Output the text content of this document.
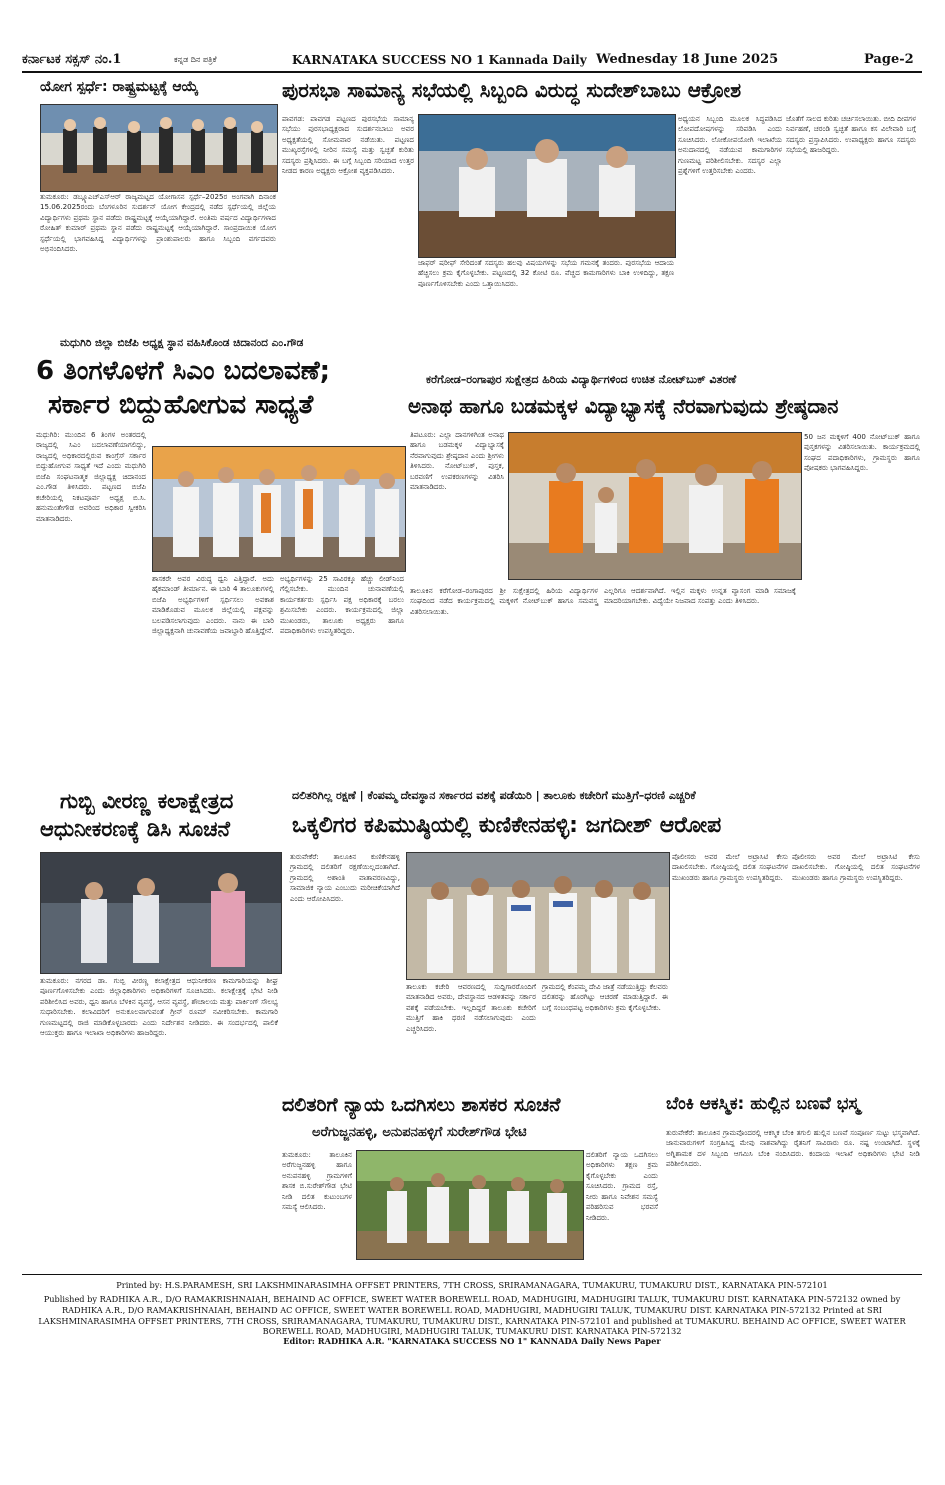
ಕರ್ನಾಟಕ ಸಕ್ಸಸ್ ನಂ.1	ಕನ್ನಡ ದಿನ ಪತ್ರಿಕೆ	KARNATAKA SUCCESS NO 1 Kannada Daily Wednesday 18 June 2025	Page-2
ಯೋಗ ಸ್ಪರ್ಧೆ: ರಾಷ್ಟ್ರಮಟ್ಟಕ್ಕೆ ಆಯ್ಕೆ
ತುಮಕೂರು: ಡಬ್ಲ್ಯೂಎಚ್‌ಎಸ್‌ಆರ್ ರಾಜ್ಯಮಟ್ಟದ ಯೋಗಾಸನ ಸ್ಪರ್ಧೆ–2025ರ ಅಂಗವಾಗಿ ದಿನಾಂಕ 15.06.2025ರಂದು ಬೆಂಗಳೂರಿನ ಸುದರ್ಶನ್ ಯೋಗ ಕೇಂದ್ರದಲ್ಲಿ ನಡೆದ ಸ್ಪರ್ಧೆಯಲ್ಲಿ ಜಿಲ್ಲೆಯ ವಿದ್ಯಾರ್ಥಿಗಳು ಪ್ರಥಮ ಸ್ಥಾನ ಪಡೆದು ರಾಷ್ಟ್ರಮಟ್ಟಕ್ಕೆ ಆಯ್ಕೆಯಾಗಿದ್ದಾರೆ. ಅಂತಿಮ ವರ್ಷದ ವಿದ್ಯಾರ್ಥಿಗಳಾದ ರೋಹಿತ್ ಕುಮಾರ್ ಪ್ರಥಮ ಸ್ಥಾನ ಪಡೆದು ರಾಷ್ಟ್ರಮಟ್ಟಕ್ಕೆ ಆಯ್ಕೆಯಾಗಿದ್ದಾರೆ. ಸಾಂಪ್ರದಾಯಿಕ ಯೋಗ ಸ್ಪರ್ಧೆಯಲ್ಲಿ ಭಾಗವಹಿಸಿದ್ದ ವಿದ್ಯಾರ್ಥಿಗಳನ್ನು ಪ್ರಾಂಶುಪಾಲರು ಹಾಗೂ ಸಿಬ್ಬಂದಿ ವರ್ಗದವರು ಅಭಿನಂದಿಸಿದರು.
ಮಧುಗಿರಿ ಜಿಲ್ಲಾ ಬಿಜೆಪಿ ಅಧ್ಯಕ್ಷ ಸ್ಥಾನ ವಹಿಸಿಕೊಂಡ ಚಿದಾನಂದ ಎಂ.ಗೌಡ
6 ತಿಂಗಳೊಳಗೆ ಸಿಎಂ ಬದಲಾವಣೆ;
ಸರ್ಕಾರ ಬಿದ್ದುಹೋಗುವ ಸಾಧ್ಯತೆ
ಮಧುಗಿರಿ: ಮುಂದಿನ 6 ತಿಂಗಳ ಅಂತರದಲ್ಲಿ ರಾಜ್ಯದಲ್ಲಿ ಸಿಎಂ ಬದಲಾವಣೆಯಾಗಲಿದ್ದು, ರಾಜ್ಯದಲ್ಲಿ ಅಧಿಕಾರದಲ್ಲಿರುವ ಕಾಂಗ್ರೆಸ್ ಸರ್ಕಾರ ಬಿದ್ದುಹೋಗುವ ಸಾಧ್ಯತೆ ಇದೆ ಎಂದು ಮಧುಗಿರಿ ಬಿಜೆಪಿ ಸಂಘಟನಾತ್ಮಕ ಜಿಲ್ಲಾಧ್ಯಕ್ಷ ಚಿದಾನಂದ ಎಂ.ಗೌಡ ತಿಳಿಸಿದರು. ಪಟ್ಟಣದ ಬಿಜೆಪಿ ಕಚೇರಿಯಲ್ಲಿ ನಿಕಟಪೂರ್ವ ಅಧ್ಯಕ್ಷ ಬಿ.ಸಿ. ಹನುಮಂತೇಗೌಡ ಅವರಿಂದ ಅಧಿಕಾರ ಸ್ವೀಕರಿಸಿ ಮಾತನಾಡಿದರು.
ಶಾಸಕರೇ ಅವರ ವಿರುದ್ಧ ಧ್ವನಿ ಎತ್ತಿದ್ದಾರೆ. ಅದು ಹೈಕಮಾಂಡ್ ತೀರ್ಮಾನ. ಈ ಬಾರಿ 4 ತಾಲೂಕುಗಳಲ್ಲಿ ಬಿಜೆಪಿ ಅಭ್ಯರ್ಥಿಗಳಿಗೆ ಸ್ಪರ್ಧಿಸಲು ಅವಕಾಶ ಮಾಡಿಕೊಡುವ ಮೂಲಕ ಜಿಲ್ಲೆಯಲ್ಲಿ ಪಕ್ಷವನ್ನು ಬಲಪಡಿಸಲಾಗುವುದು ಎಂದರು. ನಾನು ಈ ಬಾರಿ ಜಿಲ್ಲಾಧ್ಯಕ್ಷನಾಗಿ ಚುನಾವಣೆಯ ಜವಾಬ್ದಾರಿ ಹೊತ್ತಿದ್ದೇನೆ.
ಅಭ್ಯರ್ಥಿಗಳನ್ನು 25 ಸಾವಿರಕ್ಕೂ ಹೆಚ್ಚು ಲೀಡ್‌ನಿಂದ ಗೆಲ್ಲಿಸಬೇಕು. ಮುಂದಿನ ಚುನಾವಣೆಯಲ್ಲಿ ಕಾರ್ಯಕರ್ತರು ಸ್ಪರ್ಧಿಸಿ ಪಕ್ಷ ಅಧಿಕಾರಕ್ಕೆ ಬರಲು ಶ್ರಮಿಸಬೇಕು ಎಂದರು. ಕಾರ್ಯಕ್ರಮದಲ್ಲಿ ಜಿಲ್ಲಾ ಮುಖಂಡರು, ತಾಲೂಕು ಅಧ್ಯಕ್ಷರು ಹಾಗೂ ಪದಾಧಿಕಾರಿಗಳು ಉಪಸ್ಥಿತರಿದ್ದರು.
ಪುರಸಭಾ ಸಾಮಾನ್ಯ ಸಭೆಯಲ್ಲಿ ಸಿಬ್ಬಂದಿ ವಿರುದ್ಧ ಸುದೇಶ್‌ಬಾಬು ಆಕ್ರೋಶ
ಪಾವಗಡ: ಪಾವಗಡ ಪಟ್ಟಣದ ಪುರಸಭೆಯ ಸಾಮಾನ್ಯ ಸಭೆಯು ಪುರಸಭಾಧ್ಯಕ್ಷರಾದ ಸುದರ್ಶನಬಾಬು ಅವರ ಅಧ್ಯಕ್ಷತೆಯಲ್ಲಿ ಸೋಮವಾರ ನಡೆಯಿತು. ಪಟ್ಟಣದ ಮುಖ್ಯರಸ್ತೆಗಳಲ್ಲಿ ನೀರಿನ ಸಮಸ್ಯೆ ಮತ್ತು ಸ್ವಚ್ಛತೆ ಕುರಿತು ಸದಸ್ಯರು ಪ್ರಶ್ನಿಸಿದರು. ಈ ಬಗ್ಗೆ ಸಿಬ್ಬಂದಿ ಸರಿಯಾದ ಉತ್ತರ ನೀಡದ ಕಾರಣ ಅಧ್ಯಕ್ಷರು ಆಕ್ರೋಶ ವ್ಯಕ್ತಪಡಿಸಿದರು.
ಜಾಫರ್ ಷರೀಫ್ ಸೇರಿದಂತೆ ಸದಸ್ಯರು ಹಲವು ವಿಷಯಗಳನ್ನು ಸಭೆಯ ಗಮನಕ್ಕೆ ತಂದರು. ಪುರಸಭೆಯ ಆದಾಯ ಹೆಚ್ಚಿಸಲು ಕ್ರಮ ಕೈಗೊಳ್ಳಬೇಕು. ಪಟ್ಟಣದಲ್ಲಿ 32 ಕೋಟಿ ರೂ. ವೆಚ್ಚದ ಕಾಮಗಾರಿಗಳು ಬಾಕಿ ಉಳಿದಿದ್ದು, ತಕ್ಷಣ ಪೂರ್ಣಗೊಳಿಸಬೇಕು ಎಂದು ಒತ್ತಾಯಿಸಿದರು.
ಅಧ್ಯಯನ ಸಿಬ್ಬಂದಿ ಮೂಲಕ ಸಿದ್ಧಪಡಿಸಿದ ಲೋಪದೋಷಗಳನ್ನು ಸರಿಪಡಿಸಿ ಎಂದು ಸೂಚಿಸಿದರು. ಲೋಕೋಪಯೋಗಿ ಇಲಾಖೆಯ ಅನುದಾನದಲ್ಲಿ ನಡೆಯುವ ಕಾಮಗಾರಿಗಳ ಗುಣಮಟ್ಟ ಪರಿಶೀಲಿಸಬೇಕು. ಸದಸ್ಯರ ಎಲ್ಲಾ ಪ್ರಶ್ನೆಗಳಿಗೆ ಉತ್ತರಿಸಬೇಕು ಎಂದರು.
ಜೊತೆಗೆ ಸಾಲದ ಕುರಿತು ಚರ್ಚಿಸಲಾಯಿತು. ಬೀದಿ ದೀಪಗಳ ನಿರ್ವಹಣೆ, ಚರಂಡಿ ಸ್ವಚ್ಛತೆ ಹಾಗೂ ಕಸ ವಿಲೇವಾರಿ ಬಗ್ಗೆ ಸದಸ್ಯರು ಪ್ರಸ್ತಾಪಿಸಿದರು. ಉಪಾಧ್ಯಕ್ಷರು ಹಾಗೂ ಸದಸ್ಯರು ಸಭೆಯಲ್ಲಿ ಹಾಜರಿದ್ದರು.
ಕರೆಗೋಡ–ರಂಗಾಪುರ ಸುಕ್ಷೇತ್ರದ ಹಿರಿಯ ವಿದ್ಯಾರ್ಥಿಗಳಿಂದ ಉಚಿತ ನೋಟ್‌ಬುಕ್ ವಿತರಣೆ
ಅನಾಥ ಹಾಗೂ ಬಡಮಕ್ಕಳ ವಿದ್ಯಾಭ್ಯಾಸಕ್ಕೆ ನೆರವಾಗುವುದು ಶ್ರೇಷ್ಠದಾನ
ತಿಪಟೂರು: ಎಲ್ಲಾ ದಾನಗಳಿಗಿಂತ ಅನಾಥ ಹಾಗೂ ಬಡಮಕ್ಕಳ ವಿದ್ಯಾಭ್ಯಾಸಕ್ಕೆ ನೆರವಾಗುವುದು ಶ್ರೇಷ್ಠದಾನ ಎಂದು ಶ್ರೀಗಳು ತಿಳಿಸಿದರು. ನೋಟ್‌ಬುಕ್, ಪುಸ್ತಕ, ಬರವಣಿಗೆ ಉಪಕರಣಗಳನ್ನು ವಿತರಿಸಿ ಮಾತನಾಡಿದರು.
ತಾಲೂಕಿನ ಕರೆಗೋಡ–ರಂಗಾಪುರದ ಶ್ರೀ ಸುಕ್ಷೇತ್ರದಲ್ಲಿ ಹಿರಿಯ ವಿದ್ಯಾರ್ಥಿಗಳ ಸಂಘದಿಂದ ನಡೆದ ಕಾರ್ಯಕ್ರಮದಲ್ಲಿ ಮಕ್ಕಳಿಗೆ ನೋಟ್‌ಬುಕ್ ಹಾಗೂ ಸಮವಸ್ತ್ರ ವಿತರಿಸಲಾಯಿತು.
ಎಲ್ಲರಿಗೂ ಆದರ್ಶವಾಗಿದೆ. ಇಲ್ಲಿನ ಮಕ್ಕಳು ಉನ್ನತ ವ್ಯಾಸಂಗ ಮಾಡಿ ಸಮಾಜಕ್ಕೆ ಮಾದರಿಯಾಗಬೇಕು. ವಿದ್ಯೆಯೇ ನಿಜವಾದ ಸಂಪತ್ತು ಎಂದು ತಿಳಿಸಿದರು.
50 ಜನ ಮಕ್ಕಳಿಗೆ 400 ನೋಟ್‌ಬುಕ್ ಹಾಗೂ ಪುಸ್ತಕಗಳನ್ನು ವಿತರಿಸಲಾಯಿತು. ಕಾರ್ಯಕ್ರಮದಲ್ಲಿ ಸಂಘದ ಪದಾಧಿಕಾರಿಗಳು, ಗ್ರಾಮಸ್ಥರು ಹಾಗೂ ಪೋಷಕರು ಭಾಗವಹಿಸಿದ್ದರು.
ಗುಬ್ಬಿ ವೀರಣ್ಣ ಕಲಾಕ್ಷೇತ್ರದ
ಆಧುನೀಕರಣಕ್ಕೆ ಡಿಸಿ ಸೂಚನೆ
ತುಮಕೂರು: ನಗರದ ಡಾ. ಗುಬ್ಬಿ ವೀರಣ್ಣ ಕಲಾಕ್ಷೇತ್ರದ ಆಧುನೀಕರಣ ಕಾಮಗಾರಿಯನ್ನು ಶೀಘ್ರ ಪೂರ್ಣಗೊಳಿಸಬೇಕು ಎಂದು ಜಿಲ್ಲಾಧಿಕಾರಿಗಳು ಅಧಿಕಾರಿಗಳಿಗೆ ಸೂಚಿಸಿದರು. ಕಲಾಕ್ಷೇತ್ರಕ್ಕೆ ಭೇಟಿ ನೀಡಿ ಪರಿಶೀಲಿಸಿದ ಅವರು, ಧ್ವನಿ ಹಾಗೂ ಬೆಳಕಿನ ವ್ಯವಸ್ಥೆ, ಆಸನ ವ್ಯವಸ್ಥೆ, ಶೌಚಾಲಯ ಮತ್ತು ಪಾರ್ಕಿಂಗ್ ಸೌಲಭ್ಯ ಸುಧಾರಿಸಬೇಕು. ಕಲಾವಿದರಿಗೆ ಅನುಕೂಲವಾಗುವಂತೆ ಗ್ರೀನ್ ರೂಮ್ ನವೀಕರಿಸಬೇಕು. ಕಾಮಗಾರಿ ಗುಣಮಟ್ಟದಲ್ಲಿ ರಾಜಿ ಮಾಡಿಕೊಳ್ಳಬಾರದು ಎಂದು ನಿರ್ದೇಶನ ನೀಡಿದರು. ಈ ಸಂದರ್ಭದಲ್ಲಿ ಪಾಲಿಕೆ ಆಯುಕ್ತರು ಹಾಗೂ ಇಲಾಖಾ ಅಧಿಕಾರಿಗಳು ಹಾಜರಿದ್ದರು.
ದಲಿತರಿಗಿಲ್ಲ ರಕ್ಷಣೆ | ಕೆಂಪಮ್ಮ ದೇವಸ್ಥಾನ ಸರ್ಕಾರದ ವಶಕ್ಕೆ ಪಡೆಯಿರಿ | ತಾಲೂಕು ಕಚೇರಿಗೆ ಮುತ್ತಿಗೆ–ಧರಣಿ ಎಚ್ಚರಿಕೆ
ಒಕ್ಕಲಿಗರ ಕಪಿಮುಷ್ಠಿಯಲ್ಲಿ ಕುಣಿಕೇನಹಳ್ಳಿ: ಜಗದೀಶ್ ಆರೋಪ
ತುರುವೇಕೆರೆ: ತಾಲೂಕಿನ ಕುಣಿಕೇನಹಳ್ಳಿ ಗ್ರಾಮದಲ್ಲಿ ದಲಿತರಿಗೆ ರಕ್ಷಣೆಯಿಲ್ಲದಂತಾಗಿದೆ. ಗ್ರಾಮದಲ್ಲಿ ಅಶಾಂತಿ ವಾತಾವರಣವಿದ್ದು, ಸಾಮಾಜಿಕ ನ್ಯಾಯ ಎಂಬುದು ಮರೀಚಿಕೆಯಾಗಿದೆ ಎಂದು ಆರೋಪಿಸಿದರು.
ತಾಲೂಕು ಕಚೇರಿ ಆವರಣದಲ್ಲಿ ಸುದ್ದಿಗಾರರೊಂದಿಗೆ ಮಾತನಾಡಿದ ಅವರು, ದೇವಸ್ಥಾನದ ಆಡಳಿತವನ್ನು ಸರ್ಕಾರ ವಶಕ್ಕೆ ಪಡೆಯಬೇಕು. ಇಲ್ಲದಿದ್ದರೆ ತಾಲೂಕು ಕಚೇರಿಗೆ ಮುತ್ತಿಗೆ ಹಾಕಿ ಧರಣಿ ನಡೆಸಲಾಗುವುದು ಎಂದು ಎಚ್ಚರಿಸಿದರು.
ಗ್ರಾಮದಲ್ಲಿ ಕೆಂಪಮ್ಮ ದೇವಿ ಜಾತ್ರೆ ನಡೆಯುತ್ತಿದ್ದು ಕೆಲವರು ದಲಿತರನ್ನು ಹೊರಗಿಟ್ಟು ಆಚರಣೆ ಮಾಡುತ್ತಿದ್ದಾರೆ. ಈ ಬಗ್ಗೆ ಸಂಬಂಧಪಟ್ಟ ಅಧಿಕಾರಿಗಳು ಕ್ರಮ ಕೈಗೊಳ್ಳಬೇಕು.
ಪೊಲೀಸರು ಅವರ ಮೇಲೆ ಅಟ್ರಾಸಿಟಿ ಕೇಸು ದಾಖಲಿಸಬೇಕು. ಗೋಷ್ಠಿಯಲ್ಲಿ ದಲಿತ ಸಂಘಟನೆಗಳ ಮುಖಂಡರು ಹಾಗೂ ಗ್ರಾಮಸ್ಥರು ಉಪಸ್ಥಿತರಿದ್ದರು.
ಪೊಲೀಸರು ಅವರ ಮೇಲೆ ಅಟ್ರಾಸಿಟಿ ಕೇಸು ದಾಖಲಿಸಬೇಕು. ಗೋಷ್ಠಿಯಲ್ಲಿ ದಲಿತ ಸಂಘಟನೆಗಳ ಮುಖಂಡರು ಹಾಗೂ ಗ್ರಾಮಸ್ಥರು ಉಪಸ್ಥಿತರಿದ್ದರು.
ದಲಿತರಿಗೆ ನ್ಯಾಯ ಒದಗಿಸಲು ಶಾಸಕರ ಸೂಚನೆ
ಅರೆಗುಜ್ಜನಹಳ್ಳಿ, ಅನುಪನಹಳ್ಳಿಗೆ ಸುರೇಶ್‌ಗೌಡ ಭೇಟಿ
ತುಮಕೂರು: ತಾಲೂಕಿನ ಅರೆಗುಜ್ಜನಹಳ್ಳಿ ಹಾಗೂ ಅನುಪನಹಳ್ಳಿ ಗ್ರಾಮಗಳಿಗೆ ಶಾಸಕ ಬಿ.ಸುರೇಶ್‌ಗೌಡ ಭೇಟಿ ನೀಡಿ ದಲಿತ ಕುಟುಂಬಗಳ ಸಮಸ್ಯೆ ಆಲಿಸಿದರು.
ದಲಿತರಿಗೆ ನ್ಯಾಯ ಒದಗಿಸಲು ಅಧಿಕಾರಿಗಳು ತಕ್ಷಣ ಕ್ರಮ ಕೈಗೊಳ್ಳಬೇಕು ಎಂದು ಸೂಚಿಸಿದರು. ಗ್ರಾಮದ ರಸ್ತೆ, ನೀರು ಹಾಗೂ ನಿವೇಶನ ಸಮಸ್ಯೆ ಪರಿಹರಿಸುವ ಭರವಸೆ ನೀಡಿದರು.
ಬೆಂಕಿ ಆಕಸ್ಮಿಕ: ಹುಲ್ಲಿನ ಬಣವೆ ಭಸ್ಮ
ತುರುವೇಕೆರೆ: ತಾಲೂಕಿನ ಗ್ರಾಮವೊಂದರಲ್ಲಿ ಆಕಸ್ಮಿಕ ಬೆಂಕಿ ತಗುಲಿ ಹುಲ್ಲಿನ ಬಣವೆ ಸಂಪೂರ್ಣ ಸುಟ್ಟು ಭಸ್ಮವಾಗಿದೆ. ಜಾನುವಾರುಗಳಿಗೆ ಸಂಗ್ರಹಿಸಿದ್ದ ಮೇವು ನಾಶವಾಗಿದ್ದು ರೈತನಿಗೆ ಸಾವಿರಾರು ರೂ. ನಷ್ಟ ಉಂಟಾಗಿದೆ. ಸ್ಥಳಕ್ಕೆ ಅಗ್ನಿಶಾಮಕ ದಳ ಸಿಬ್ಬಂದಿ ಆಗಮಿಸಿ ಬೆಂಕಿ ನಂದಿಸಿದರು. ಕಂದಾಯ ಇಲಾಖೆ ಅಧಿಕಾರಿಗಳು ಭೇಟಿ ನೀಡಿ ಪರಿಶೀಲಿಸಿದರು.
Printed by: H.S.PARAMESH, SRI LAKSHMINARASIMHA OFFSET PRINTERS, 7TH CROSS, SRIRAMANAGARA, TUMAKURU, TUMAKURU DIST., KARNATAKA PIN-572101
Published by RADHIKA A.R., D/O RAMAKRISHNAIAH, BEHAIND AC OFFICE, SWEET WATER BOREWELL ROAD, MADHUGIRI, MADHUGIRI TALUK, TUMAKURU DIST. KARNATAKA PIN-572132 owned by RADHIKA A.R., D/O RAMAKRISHNAIAH, BEHAIND AC OFFICE, SWEET WATER BOREWELL ROAD, MADHUGIRI, MADHUGIRI TALUK, TUMAKURU DIST. KARNATAKA PIN-572132 Printed at SRI LAKSHMINARASIMHA OFFSET PRINTERS, 7TH CROSS, SRIRAMANAGARA, TUMAKURU, TUMAKURU DIST., KARNATAKA PIN-572101 and published at TUMAKURU. BEHAIND AC OFFICE, SWEET WATER BOREWELL ROAD, MADHUGIRI, MADHUGIRI TALUK, TUMAKURU DIST. KARNATAKA PIN-572132
Editor: RADHIKA A.R. "KARNATAKA SUCCESS NO 1" KANNADA Daily News Paper
